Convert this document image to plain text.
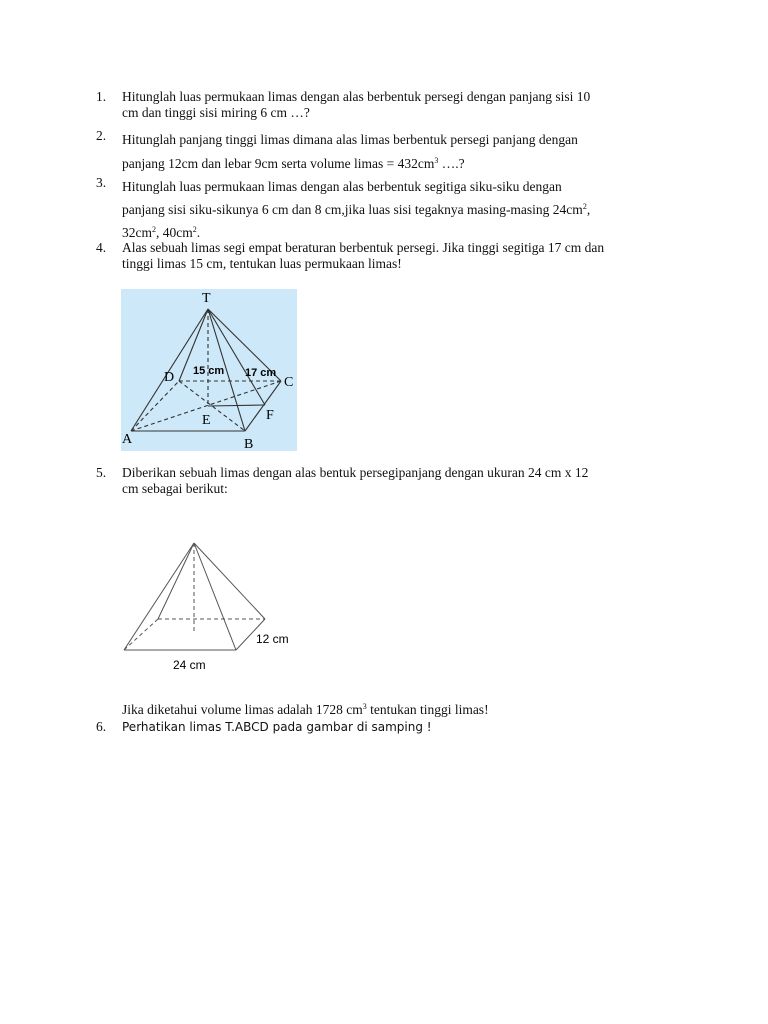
1.	Hitunglah luas permukaan limas dengan alas berbentuk persegi dengan panjang sisi 10
cm dan tinggi sisi miring 6 cm …?
2.	Hitunglah panjang tinggi limas dimana alas limas berbentuk persegi panjang dengan
panjang 12cm dan lebar 9cm serta volume limas = $432cm^3$ ….?
3.	Hitunglah luas permukaan limas dengan alas berbentuk segitiga siku-siku dengan
panjang sisi siku-sikunya 6 cm dan 8 cm,jika luas sisi tegaknya masing-masing $24cm^2$,
$32cm^2$, $40cm^2$.
4.	Alas sebuah limas segi empat beraturan berbentuk persegi. Jika tinggi segitiga 17 cm dan
tinggi limas 15 cm, tentukan luas permukaan limas!
T
A	B
C
D
E	F
15 cm 17 cm
5.	Diberikan sebuah limas dengan alas bentuk persegipanjang dengan ukuran 24 cm x 12
cm sebagai berikut:
24 cm
12 cm
Jika diketahui volume limas adalah 1728 $cm^3$ tentukan tinggi limas!
6.	Perhatikan limas T.ABCD pada gambar di samping !
